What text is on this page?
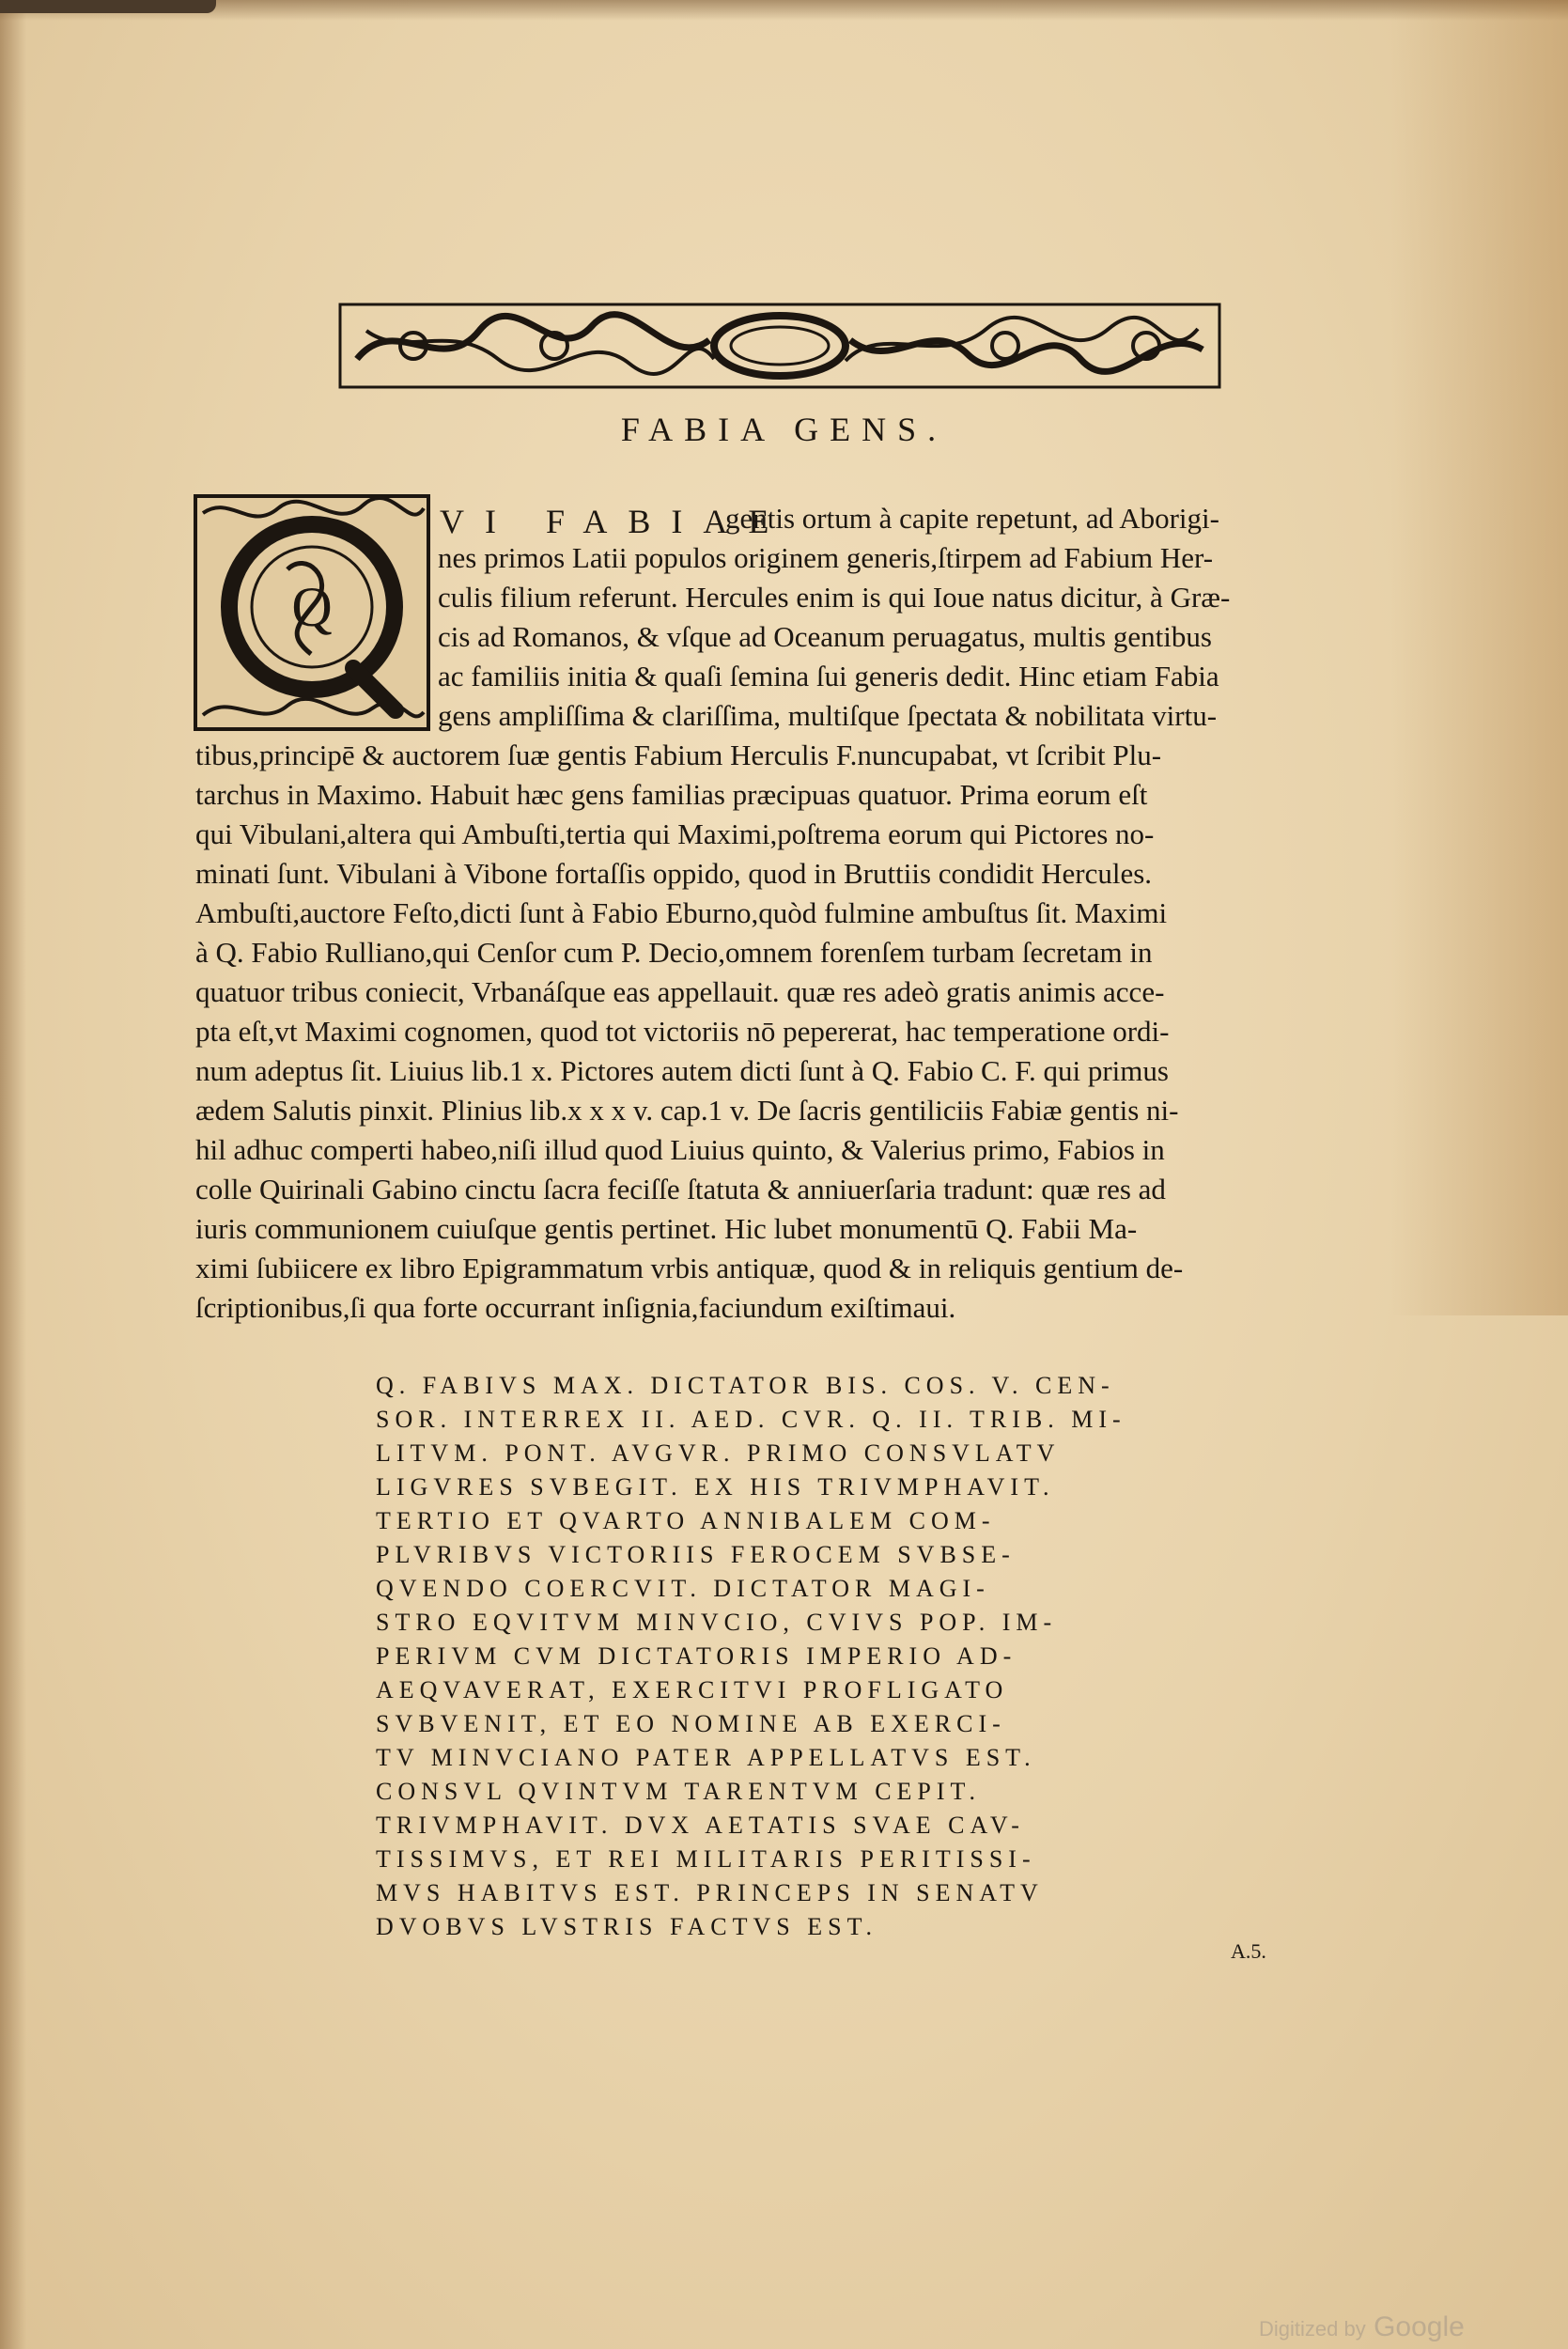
FABIA GENS.
Q
VI FABIAE
gentis ortum à capite repetunt, ad Aborigi-
nes primos Latii populos originem generis,ſtirpem ad Fabium Her-
culis filium referunt. Hercules enim is qui Ioue natus dicitur, à Græ-
cis ad Romanos, & vſque ad Oceanum peruagatus, multis gentibus
ac familiis initia & quaſi ſemina ſui generis dedit. Hinc etiam Fabia
gens ampliſſima & clariſſima, multiſque ſpectata & nobilitata virtu-
tibus,principē & auctorem ſuæ gentis Fabium Herculis F.nuncupabat, vt ſcribit Plu-
tarchus in Maximo. Habuit hæc gens familias præcipuas quatuor. Prima eorum eſt
qui Vibulani,altera qui Ambuſti,tertia qui Maximi,poſtrema eorum qui Pictores no-
minati ſunt. Vibulani à Vibone fortaſſis oppido, quod in Bruttiis condidit Hercules.
Ambuſti,auctore Feſto,dicti ſunt à Fabio Eburno,quòd fulmine ambuſtus ſit. Maximi
à Q. Fabio Rulliano,qui Cenſor cum P. Decio,omnem forenſem turbam ſecretam in
quatuor tribus coniecit, Vrbanáſque eas appellauit. quæ res adeò gratis animis acce-
pta eſt,vt Maximi cognomen, quod tot victoriis nō pepererat, hac temperatione ordi-
num adeptus ſit. Liuius lib.1 x. Pictores autem dicti ſunt à Q. Fabio C. F. qui primus
ædem Salutis pinxit. Plinius lib.x x x v. cap.1 v. De ſacris gentiliciis Fabiæ gentis ni-
hil adhuc comperti habeo,niſi illud quod Liuius quinto, & Valerius primo, Fabios in
colle Quirinali Gabino cinctu ſacra feciſſe ſtatuta & anniuerſaria tradunt: quæ res ad
iuris communionem cuiuſque gentis pertinet. Hic lubet monumentū Q. Fabii Ma-
ximi ſubiicere ex libro Epigrammatum vrbis antiquæ, quod & in reliquis gentium de-
ſcriptionibus,ſi qua forte occurrant inſignia,faciundum exiſtimaui.
Q. FABIVS MAX. DICTATOR BIS. COS. V. CEN-
SOR. INTERREX II. AED. CVR. Q. II. TRIB. MI-
LITVM. PONT. AVGVR. PRIMO CONSVLATV
LIGVRES SVBEGIT. EX HIS TRIVMPHAVIT.
TERTIO ET QVARTO ANNIBALEM COM-
PLVRIBVS VICTORIIS FEROCEM SVBSE-
QVENDO COERCVIT. DICTATOR MAGI-
STRO EQVITVM MINVCIO, CVIVS POP. IM-
PERIVM CVM DICTATORIS IMPERIO AD-
AEQVAVERAT, EXERCITVI PROFLIGATO
SVBVENIT, ET EO NOMINE AB EXERCI-
TV MINVCIANO PATER APPELLATVS EST.
CONSVL QVINTVM TARENTVM CEPIT.
TRIVMPHAVIT. DVX AETATIS SVAE CAV-
TISSIMVS, ET REI MILITARIS PERITISSI-
MVS HABITVS EST. PRINCEPS IN SENATV
DVOBVS LVSTRIS FACTVS EST.
A.5.
Digitized by Google
